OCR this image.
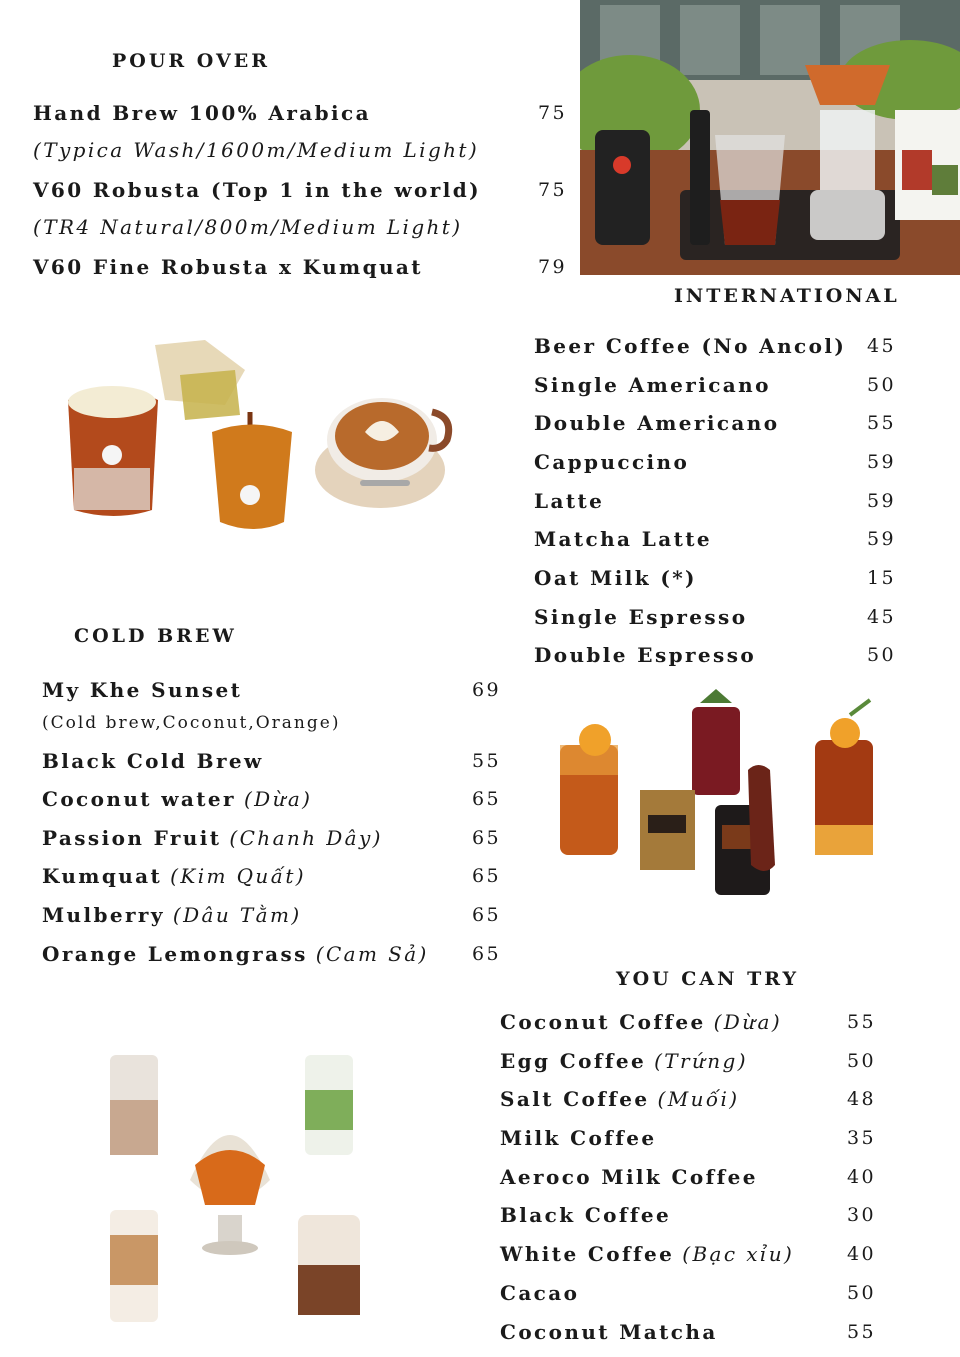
POUR OVER
Hand Brew 100% Arabica	75
(Typica Wash/1600m/Medium Light)
V60 Robusta (Top 1 in the world)	75
(TR4 Natural/800m/Medium Light)
V60 Fine Robusta x Kumquat	79
INTERNATIONAL
Beer Coffee (No Ancol) 45
Single Americano	50
Double Americano	55
Cappuccino	59
Latte	59
Matcha Latte	59
Oat Milk (*)	15
Single Espresso	45
Double Espresso	50
COLD BREW
My Khe Sunset	69
(Cold brew,Coconut,Orange)
Black Cold Brew	55
Coconut water (Dừa)	65
Passion Fruit (Chanh Dây)	65
Kumquat (Kim Quất)	65
Mulberry (Dâu Tằm)	65
Orange Lemongrass (Cam Sả) 65
YOU CAN TRY
Coconut Coffee (Dừa)	55
Egg Coffee (Trứng)	50
Salt Coffee (Muối)	48
Milk Coffee	35
Aeroco Milk Coffee	40
Black Coffee	30
White Coffee (Bạc xỉu)	40
Cacao	50
Coconut Matcha	55
